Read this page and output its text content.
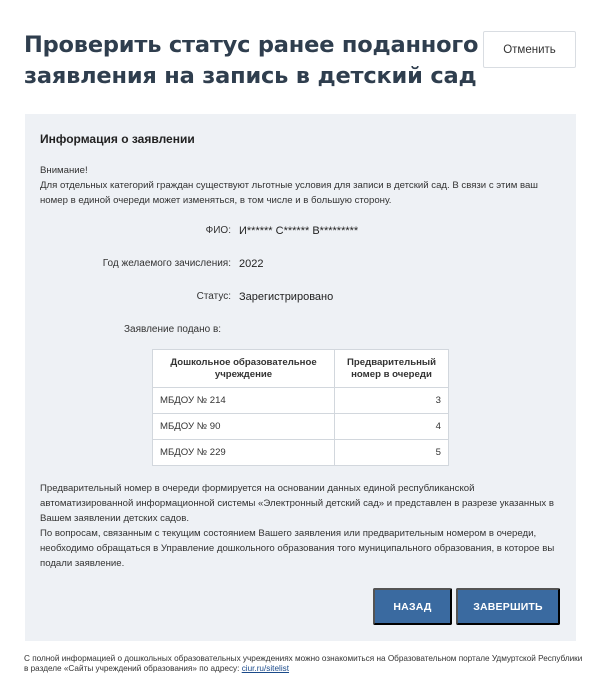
Проверить статус ранее поданного заявления на запись в детский сад
Отменить
Информация о заявлении
Внимание!
Для отдельных категорий граждан существуют льготные условия для записи в детский сад. В связи с этим ваш номер в единой очереди может изменяться, в том числе и в большую сторону.
ФИО: И****** С****** В*********
Год желаемого зачисления: 2022
Статус: Зарегистрировано
Заявление подано в:
Дошкольное образовательное учреждение	Предварительный номер в очереди
МБДОУ № 214	3
МБДОУ № 90	4
МБДОУ № 229	5
Предварительный номер в очереди формируется на основании данных единой республиканской автоматизированной информационной системы «Электронный детский сад» и представлен в разрезе указанных в Вашем заявлении детских садов.
По вопросам, связанным с текущим состоянием Вашего заявления или предварительным номером в очереди, необходимо обращаться в Управление дошкольного образования того муниципального образования, в которое вы подали заявление.
НАЗАД	ЗАВЕРШИТЬ
С полной информацией о дошкольных образовательных учреждениях можно ознакомиться на Образовательном портале Удмуртской Республики в разделе «Сайты учреждений образования» по адресу: ciur.ru/sitelist
